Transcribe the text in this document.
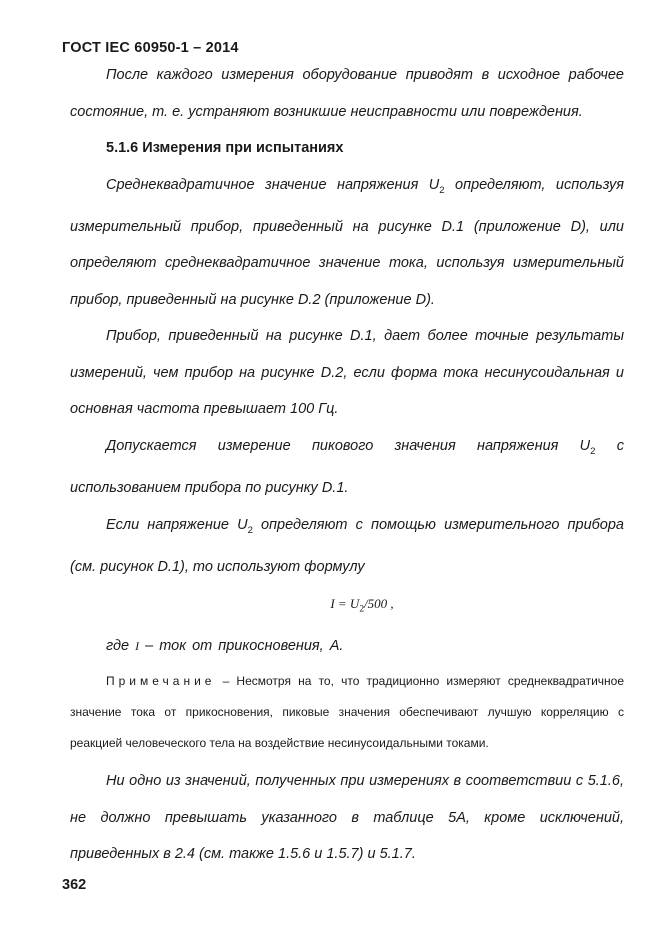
ГОСТ IEC 60950-1 – 2014

После каждого измерения оборудование приводят в исходное рабочее состояние, т. е. устраняют возникшие неисправности или повреждения.

5.1.6 Измерения при испытаниях

Среднеквадратичное значение напряжения $U_2$ определяют, используя измерительный прибор, приведенный на рисунке D.1 (приложение D), или определяют среднеквадратичное значение тока, используя измерительный прибор, приведенный на рисунке D.2 (приложение D).

Прибор, приведенный на рисунке D.1, дает более точные результаты измерений, чем прибор на рисунке D.2, если форма тока несинусоидальная и основная частота превышает 100 Гц.

Допускается измерение пикового значения напряжения $U_2$ с использованием прибора по рисунку D.1.

Если напряжение $U_2$ определяют с помощью измерительного прибора (см. рисунок D.1), то используют формулу

$I = U_2/500$ ,

где I – ток от прикосновения, А.

Примечание – Несмотря на то, что традиционно измеряют среднеквадратичное значение тока от прикосновения, пиковые значения обеспечивают лучшую корреляцию с реакцией человеческого тела на воздействие несинусоидальными токами.

Ни одно из значений, полученных при измерениях в соответствии с 5.1.6, не должно превышать указанного в таблице 5А, кроме исключений, приведенных в 2.4 (см. также 1.5.6 и 1.5.7) и 5.1.7.

362
